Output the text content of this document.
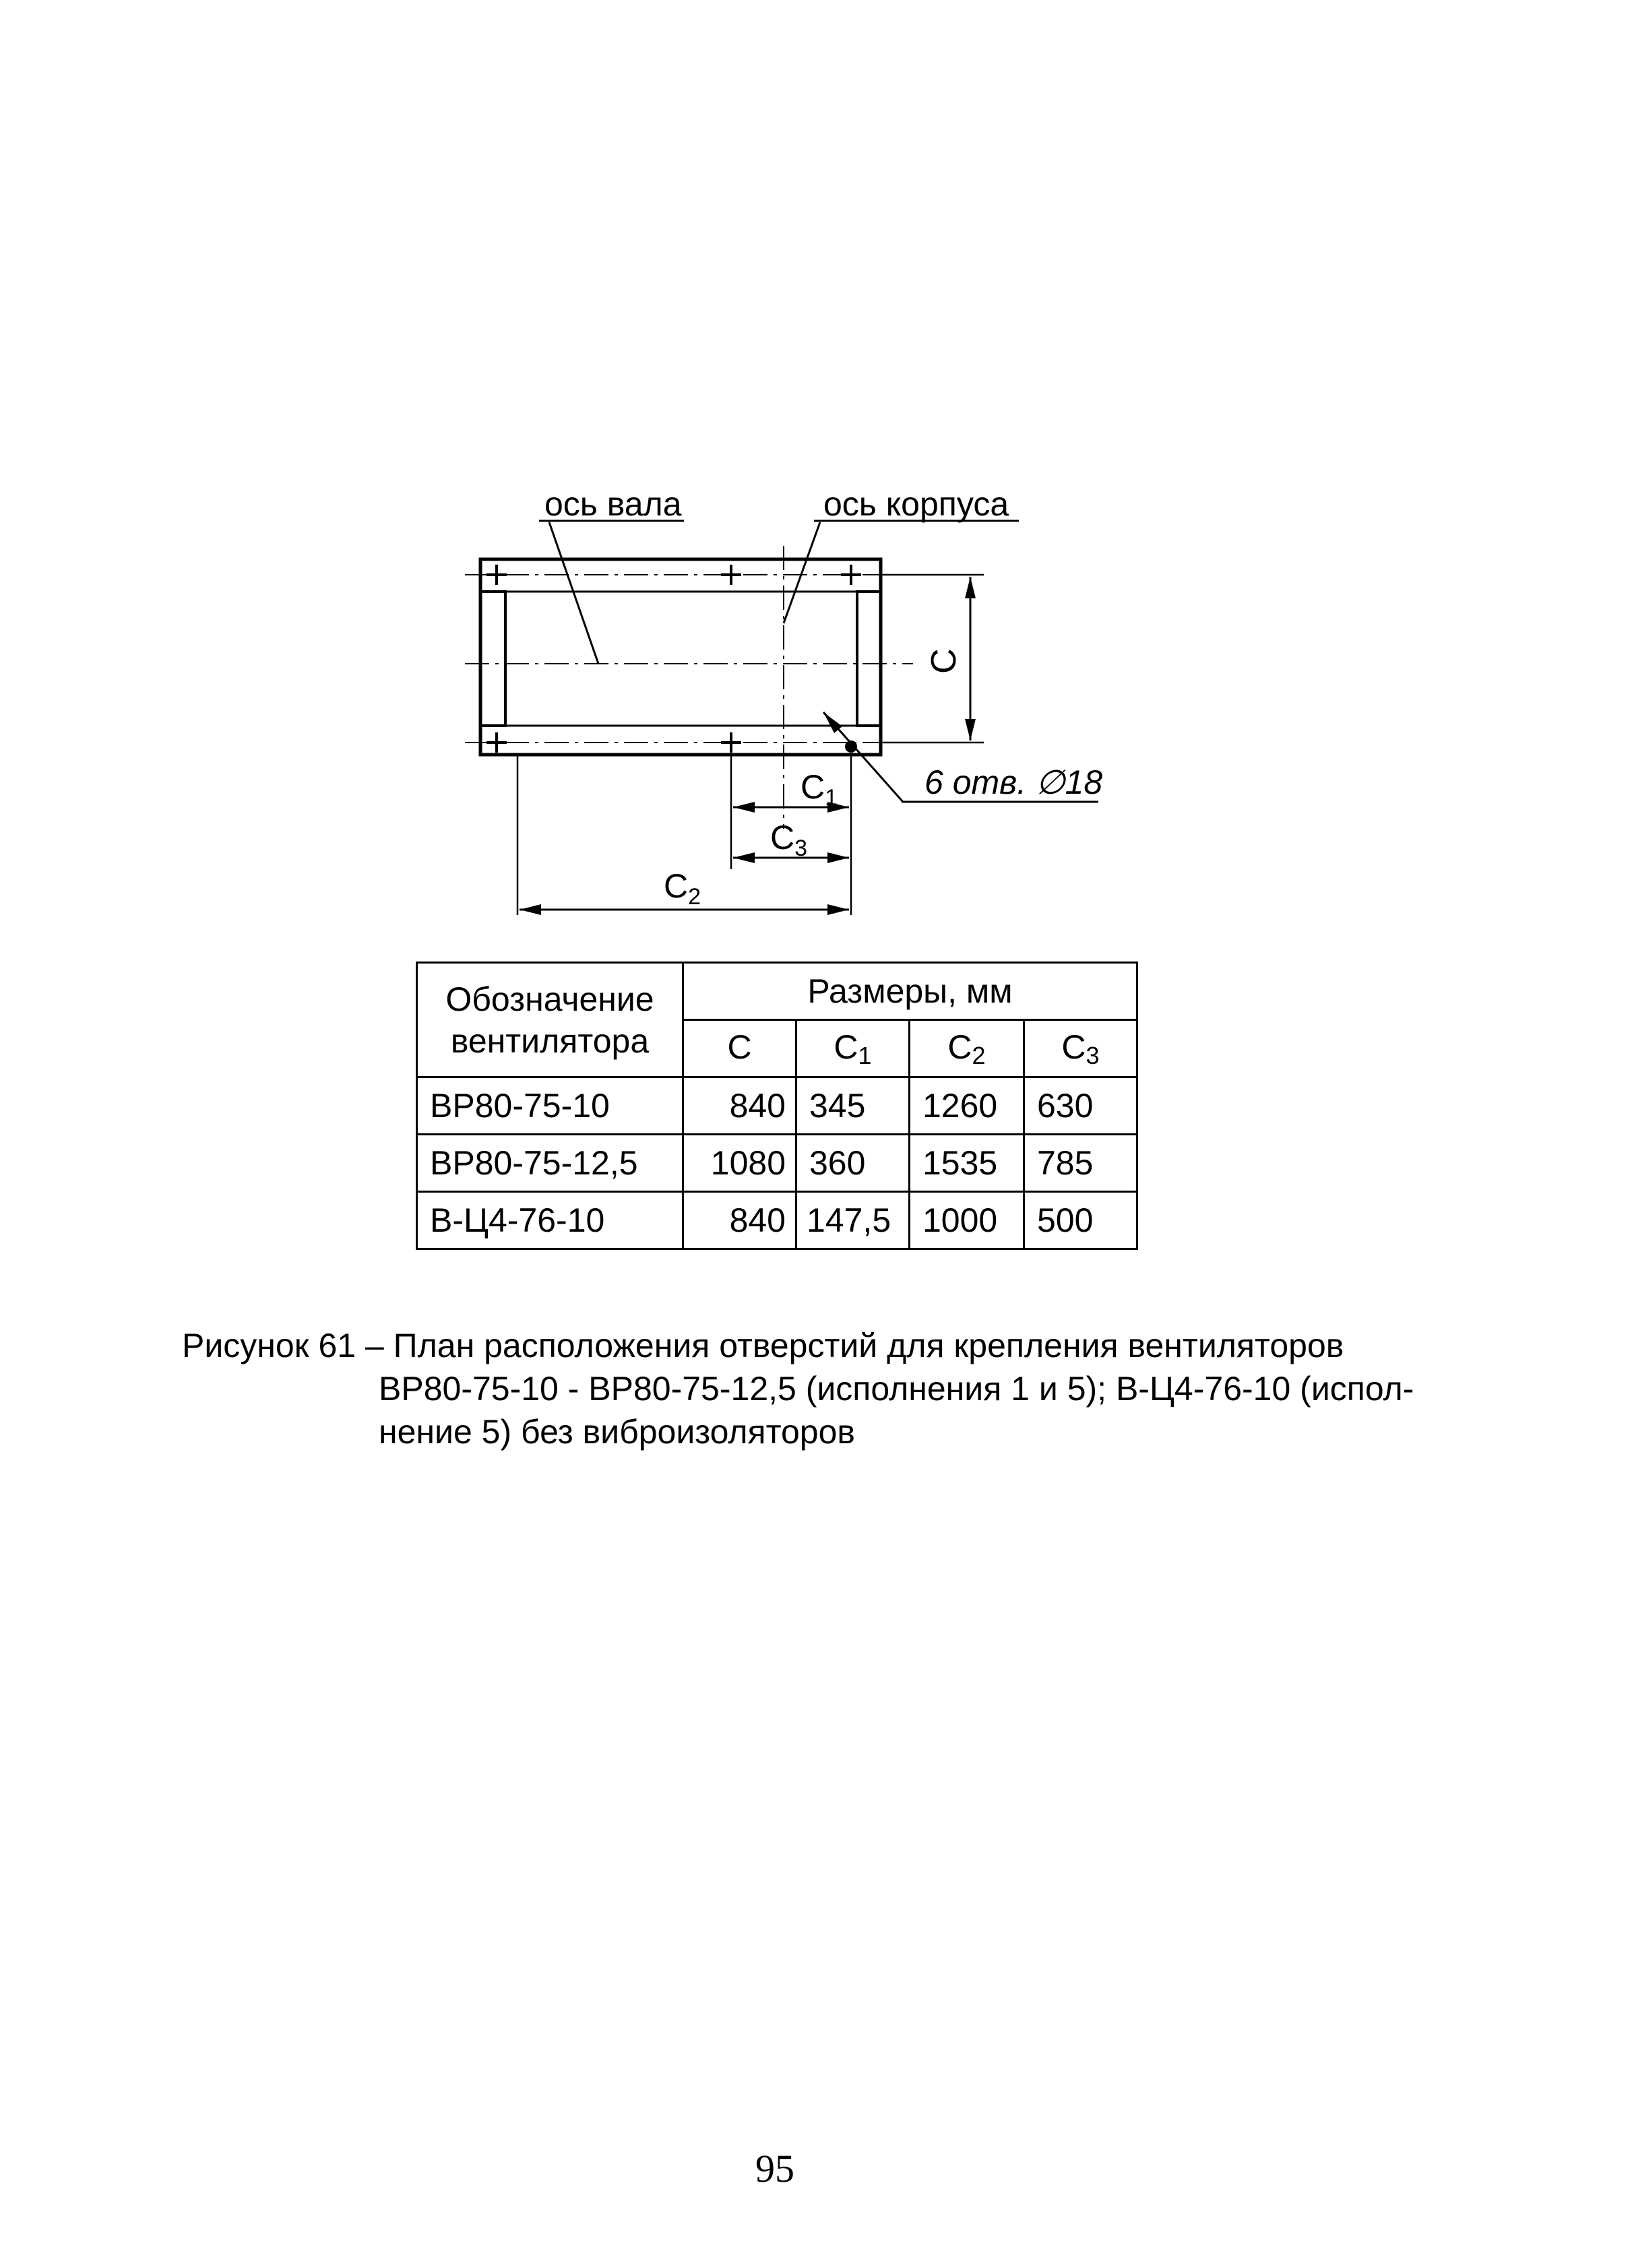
ось вала	ось корпуса
С
$С_1$
$С_3$
$С_2$
6 отв. ∅18
Обозначение вентилятора	Размеры, мм			
	С	$С_1$	$С_2$	$С_3$
ВР80-75-10	840	345	1260	630
ВР80-75-12,5	1080	360	1535	785
В-Ц4-76-10	840	147,5	1000	500
Рисунок 61 – План расположения отверстий для крепления вентиляторов
ВР80-75-10 - ВР80-75-12,5 (исполнения 1 и 5); В-Ц4-76-10 (испол-
нение 5) без виброизоляторов
95
